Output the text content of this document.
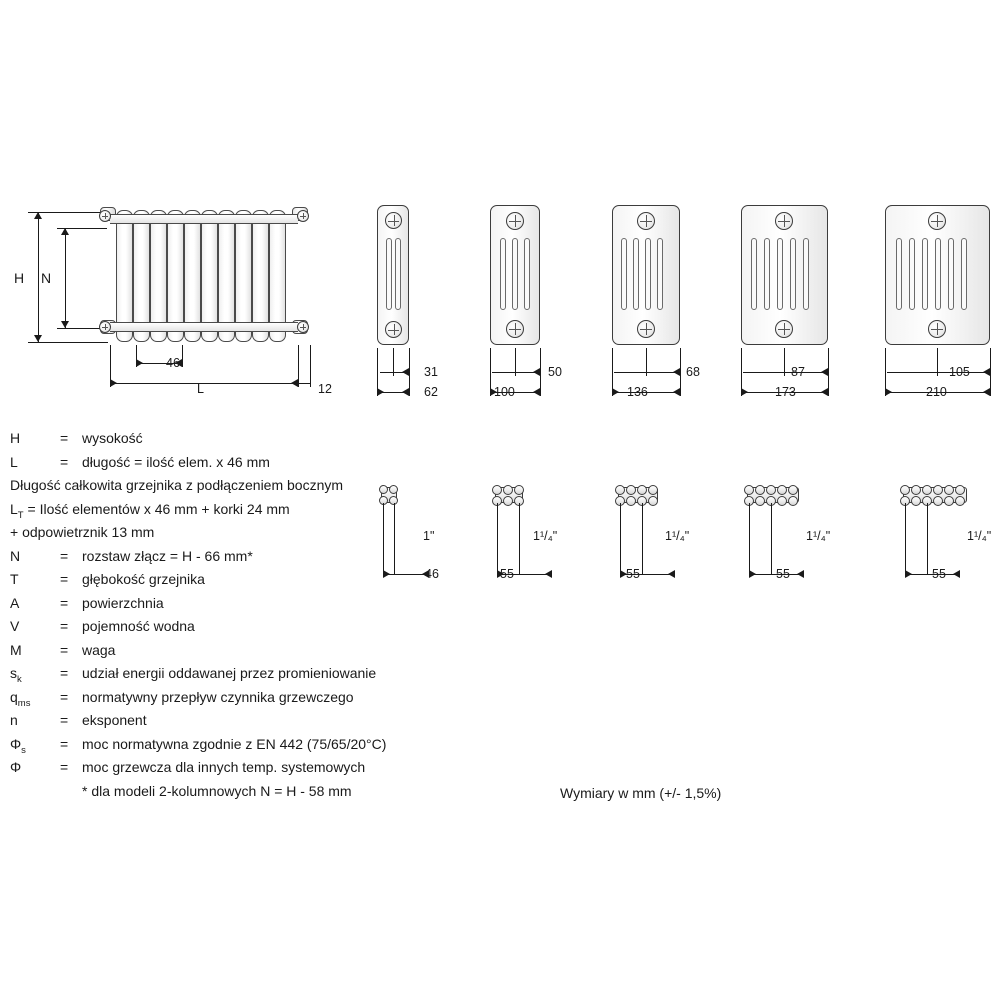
H N
46
L	12
31
62
1"
46
50
100
1¹/₄"
55
68
136
1¹/₄"
55
87
173
1¹/₄"
55
105
210
1¹/₄"
55
H	= wysokość
L	= długość = ilość elem. x 46 mm
Długość całkowita grzejnika z podłączeniem bocznym
$L_T$ = Ilość elementów x 46 mm + korki 24 mm
+ odpowietrznik 13 mm
N	= rozstaw złącz = H - 66 mm*
T	= głębokość grzejnika
A	= powierzchnia
V	= pojemność wodna
M	= waga
$s_k$	= udział energii oddawanej przez promieniowanie
$q_{ms}$	= normatywny przepływ czynnika grzewczego
n	= eksponent
$\Phi_s$	= moc normatywna zgodnie z EN 442 (75/65/20°C)
Φ	= moc grzewcza dla innych temp. systemowych
* dla modeli 2-kolumnowych N = H - 58 mm	Wymiary w mm (+/- 1,5%)
